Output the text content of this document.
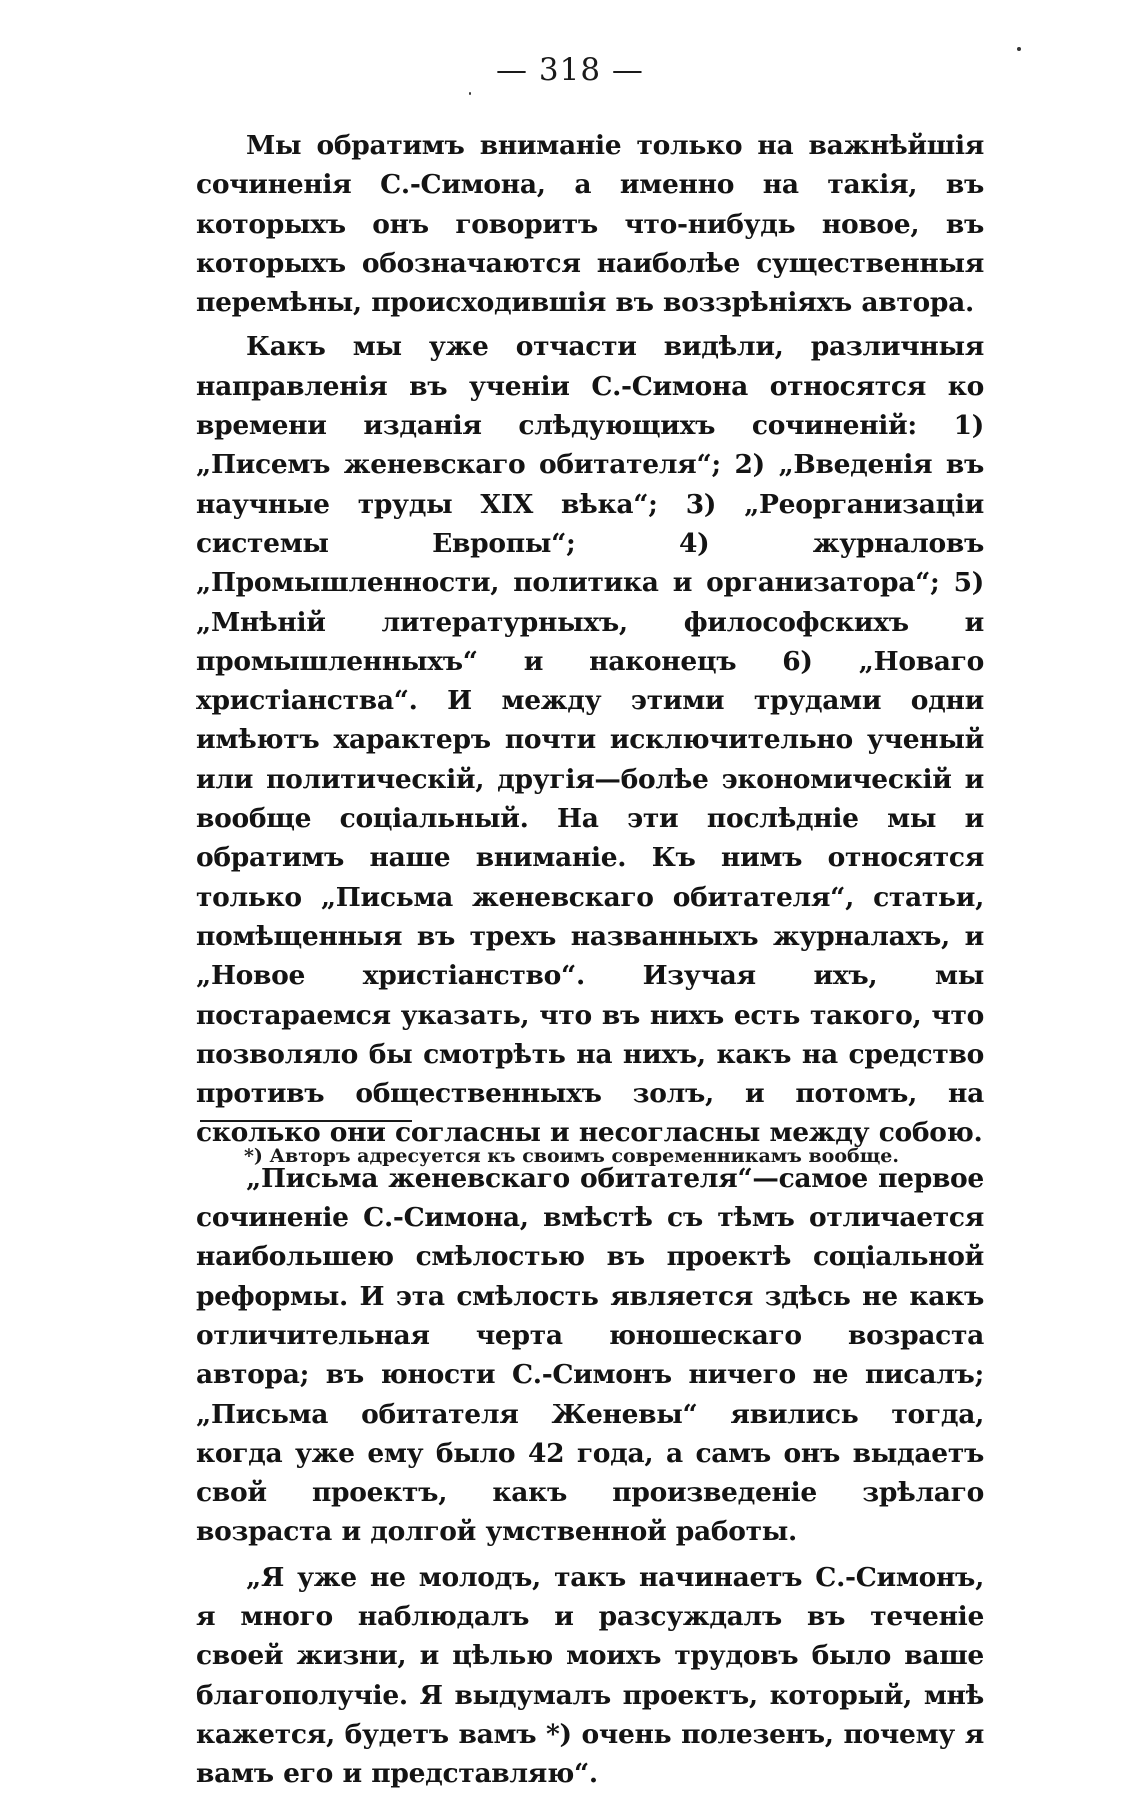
— 318 —

Мы обратимъ вниманіе только на важнѣйшія сочиненія С.-Симона, а именно на такія, въ которыхъ онъ говоритъ что-нибудь новое, въ которыхъ обозначаются наиболѣе существенныя перемѣны, происходившія въ воззрѣніяхъ автора.

Какъ мы уже отчасти видѣли, различныя направленія въ ученіи С.-Симона относятся ко времени изданія слѣдующихъ сочиненій: 1) „Писемъ женевскаго обитателя“; 2) „Введенія въ научные труды XIX вѣка“; 3) „Реорганизаціи системы Европы“; 4) журналовъ „Промышленности, политика и организатора“; 5) „Мнѣній литературныхъ, философскихъ и промышленныхъ“ и наконецъ 6) „Новаго христіанства“. И между этими трудами одни имѣютъ характеръ почти исключительно ученый или политическій, другія—болѣе экономическій и вообще соціальный. На эти послѣдніе мы и обратимъ наше вниманіе. Къ нимъ относятся только „Письма женевскаго обитателя“, статьи, помѣщенныя въ трехъ названныхъ журналахъ, и „Новое христіанство“. Изучая ихъ, мы постараемся указать, что въ нихъ есть такого, что позволяло бы смотрѣть на нихъ, какъ на средство противъ общественныхъ золъ, и потомъ, на сколько они согласны и несогласны между собою.

„Письма женевскаго обитателя“—самое первое сочиненіе С.-Симона, вмѣстѣ съ тѣмъ отличается наибольшею смѣлостью въ проектѣ соціальной реформы. И эта смѣлость является здѣсь не какъ отличительная черта юношескаго возраста автора; въ юности С.-Симонъ ничего не писалъ; „Письма обитателя Женевы“ явились тогда, когда уже ему было 42 года, а самъ онъ выдаетъ свой проектъ, какъ произведеніе зрѣлаго возраста и долгой умственной работы.

„Я уже не молодъ, такъ начинаетъ С.-Симонъ, я много наблюдалъ и разсуждалъ въ теченіе своей жизни, и цѣлью моихъ трудовъ было ваше благополучіе. Я выдумалъ проектъ, который, мнѣ кажется, будетъ вамъ *) очень полезенъ, почему я вамъ его и представляю“.

*) Авторъ адресуется къ своимъ современникамъ вообще.
